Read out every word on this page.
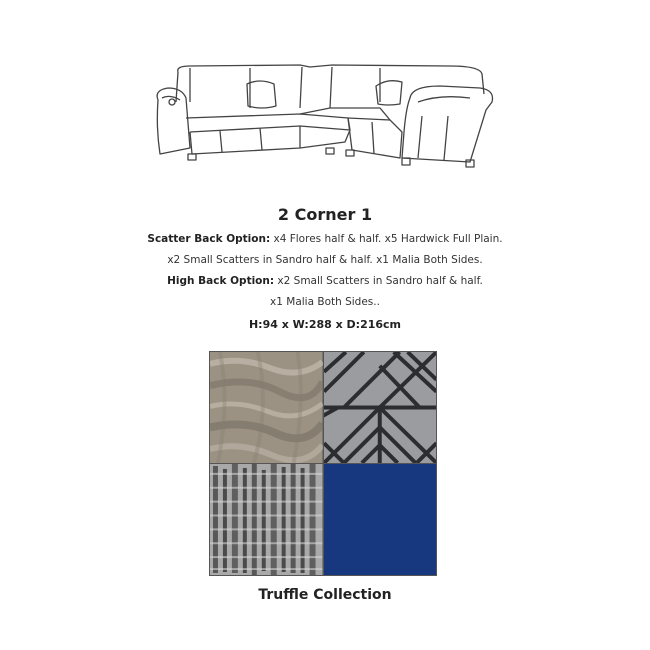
2 Corner 1
Scatter Back Option: x4 Flores half & half. x5 Hardwick Full Plain.
x2 Small Scatters in Sandro half & half. x1 Malia Both Sides.
High Back Option: x2 Small Scatters in Sandro half & half.
x1 Malia Both Sides..
H:94 x W:288 x D:216cm
Truffle Collection
